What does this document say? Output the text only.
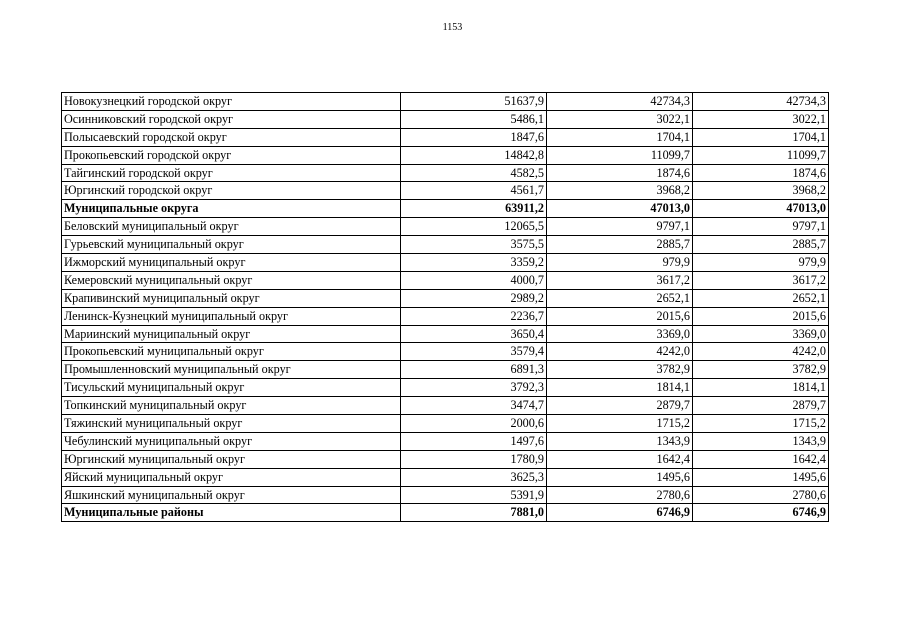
1153
Новокузнецкий городской округ	51637,9	42734,3	42734,3
Осинниковский городской округ	5486,1	3022,1	3022,1
Полысаевский городской округ	1847,6	1704,1	1704,1
Прокопьевский городской округ	14842,8	11099,7	11099,7
Тайгинский городской округ	4582,5	1874,6	1874,6
Юргинский городской округ	4561,7	3968,2	3968,2
Муниципальные округа	63911,2	47013,0	47013,0
Беловский муниципальный округ	12065,5	9797,1	9797,1
Гурьевский муниципальный округ	3575,5	2885,7	2885,7
Ижморский муниципальный округ	3359,2	979,9	979,9
Кемеровский муниципальный округ	4000,7	3617,2	3617,2
Крапивинский муниципальный округ	2989,2	2652,1	2652,1
Ленинск-Кузнецкий муниципальный округ	2236,7	2015,6	2015,6
Мариинский муниципальный округ	3650,4	3369,0	3369,0
Прокопьевский муниципальный округ	3579,4	4242,0	4242,0
Промышленновский муниципальный округ	6891,3	3782,9	3782,9
Тисульский муниципальный округ	3792,3	1814,1	1814,1
Топкинский муниципальный округ	3474,7	2879,7	2879,7
Тяжинский муниципальный округ	2000,6	1715,2	1715,2
Чебулинский муниципальный округ	1497,6	1343,9	1343,9
Юргинский муниципальный округ	1780,9	1642,4	1642,4
Яйский муниципальный округ	3625,3	1495,6	1495,6
Яшкинский муниципальный округ	5391,9	2780,6	2780,6
Муниципальные районы	7881,0	6746,9	6746,9
